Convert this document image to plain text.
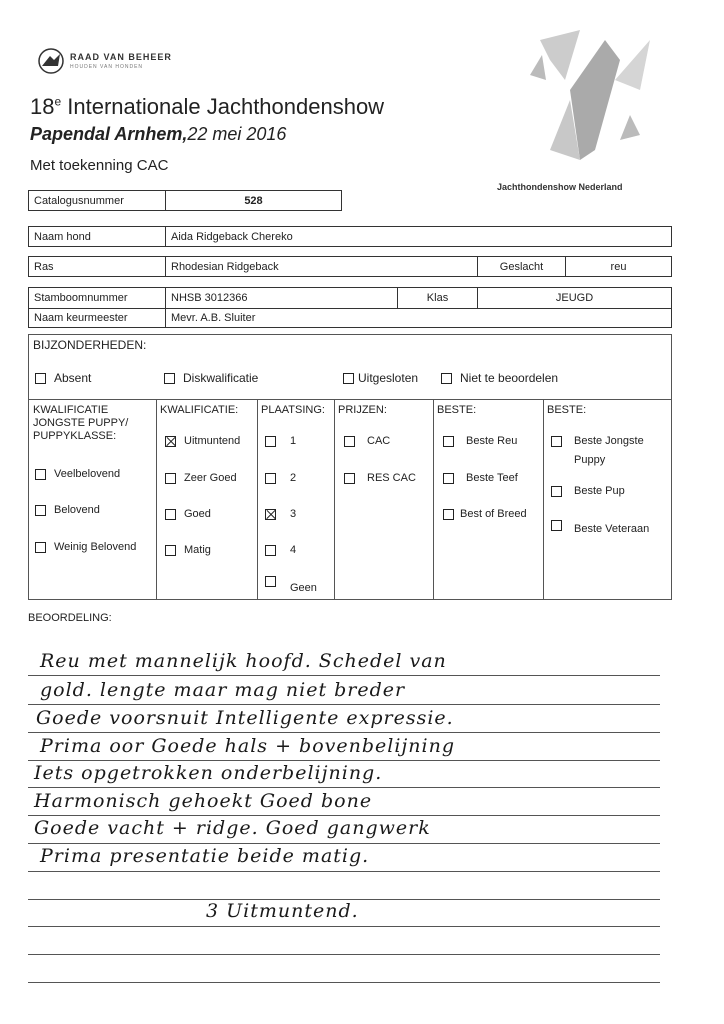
RAAD VAN BEHEER
HOUDEN VAN HONDEN
18e Internationale Jachthondenshow
Papendal Arnhem,22 mei 2016
Met toekenning CAC
Jachthondenshow Nederland
Catalogusnummer	528
Naam hond	Aida Ridgeback Chereko
Ras	Rhodesian Ridgeback	Geslacht	reu
Stamboomnummer	NHSB 3012366	Klas	JEUGD
Naam keurmeester	Mevr. A.B. Sluiter
BIJZONDERHEDEN:
Absent	Diskwalificatie	Uitgesloten	Niet te beoordelen
KWALIFICATIE
JONGSTE PUPPY/
PUPPYKLASSE:
Veelbelovend
Belovend
Weinig Belovend
KWALIFICATIE:
Uitmuntend
Zeer Goed
Goed
Matig
PLAATSING:
1
2
3
4
Geen
PRIJZEN:
CAC
RES CAC
BESTE:
Beste Reu
Beste Teef
Best of Breed
BESTE:
Beste Jongste
Puppy
Beste Pup
Beste Veteraan
BEOORDELING:
Reu met mannelijk hoofd. Schedel van
gold. lengte maar mag niet breder
Goede voorsnuit Intelligente expressie.
Prima oor Goede hals + bovenbelijning
Iets opgetrokken onderbelijning.
Harmonisch gehoekt Goed bone
Goede vacht + ridge. Goed gangwerk
Prima presentatie beide matig.
3 Uitmuntend.
